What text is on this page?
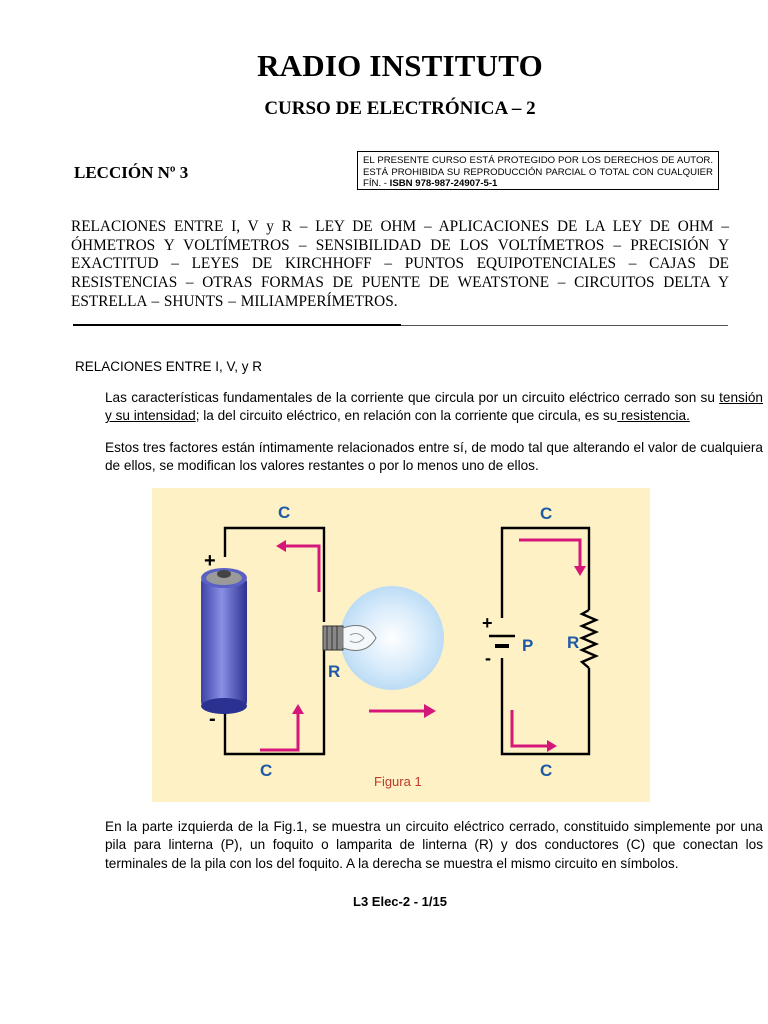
RADIO INSTITUTO
CURSO DE ELECTRÓNICA – 2
LECCIÓN Nº 3
EL PRESENTE CURSO ESTÁ PROTEGIDO POR LOS DERECHOS DE AUTOR. ESTÁ PROHIBIDA SU REPRODUCCIÓN PARCIAL O TOTAL CON CUALQUIER FÍN. - ISBN 978-987-24907-5-1
RELACIONES ENTRE I, V y R – LEY DE OHM – APLICACIONES DE LA LEY DE OHM – ÓHMETROS Y VOLTÍMETROS – SENSIBILIDAD DE LOS VOLTÍMETROS – PRECISIÓN Y EXACTITUD – LEYES DE KIRCHHOFF – PUNTOS EQUIPOTENCIALES – CAJAS DE RESISTENCIAS – OTRAS FORMAS DE PUENTE DE WEATSTONE – CIRCUITOS DELTA Y ESTRELLA – SHUNTS – MILIAMPERÍMETROS.
RELACIONES ENTRE I, V, y R
Las características fundamentales de la corriente que circula por un circuito eléctrico cerrado son su tensión y su intensidad; la del circuito eléctrico, en relación con la corriente que circula, es su resistencia.
Estos tres factores están íntimamente relacionados entre sí, de modo tal que alterando el valor de cualquiera de ellos, se modifican los valores restantes o por lo menos uno de ellos.
C
C
R
C
C
P R
+
-
+
-
Figura 1
En la parte izquierda de la Fig.1, se muestra un circuito eléctrico cerrado, constituido simplemente por una pila para linterna (P), un foquito o lamparita de linterna (R) y dos conductores (C) que conectan los terminales de la pila con los del foquito. A la derecha se muestra el mismo circuito en símbolos.
L3 Elec-2 - 1/15
